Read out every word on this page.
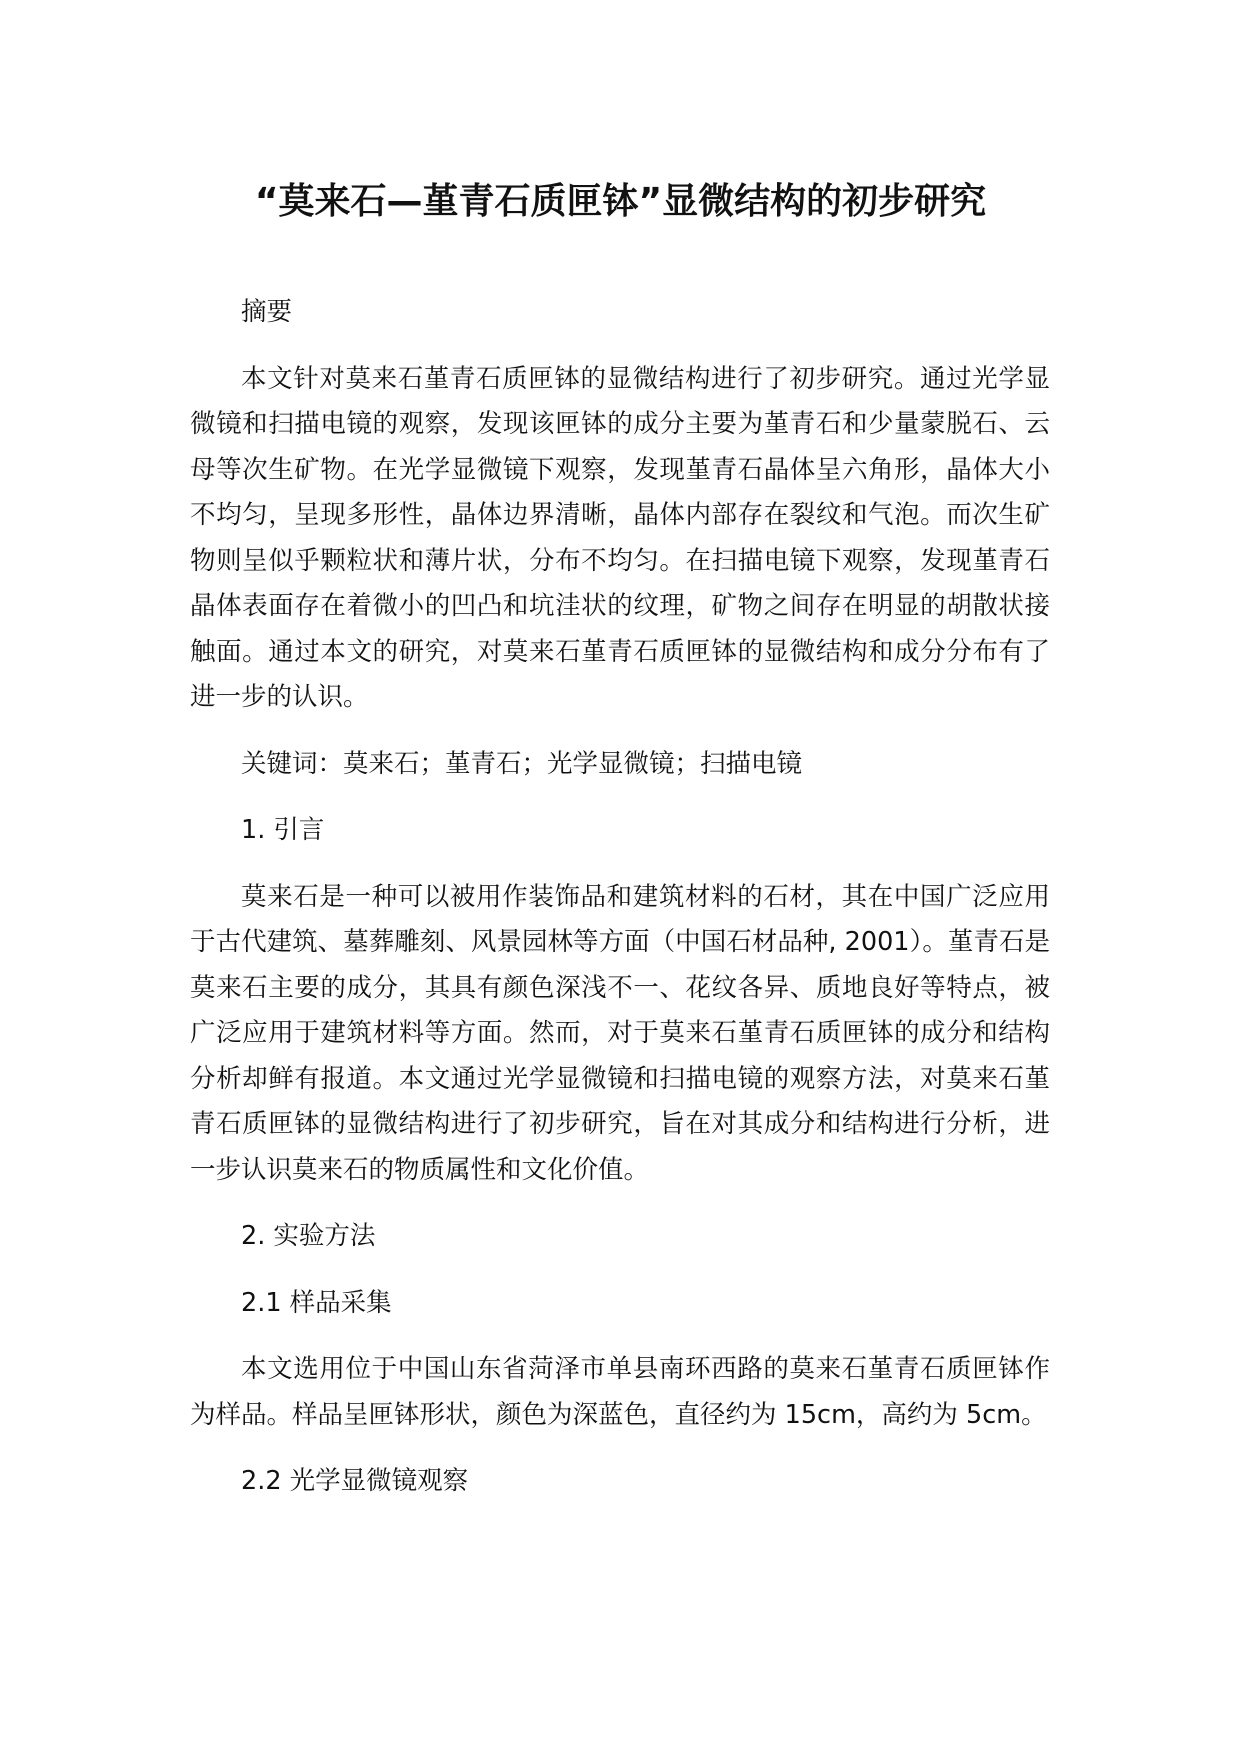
“莫来石—堇青石质匣钵”显微结构的初步研究

摘要

本文针对莫来石堇青石质匣钵的显微结构进行了初步研究。通过光学显微镜和扫描电镜的观察，发现该匣钵的成分主要为堇青石和少量蒙脱石、云母等次生矿物。在光学显微镜下观察，发现堇青石晶体呈六角形，晶体大小不均匀，呈现多形性，晶体边界清晰，晶体内部存在裂纹和气泡。而次生矿物则呈似乎颗粒状和薄片状，分布不均匀。在扫描电镜下观察，发现堇青石晶体表面存在着微小的凹凸和坑洼状的纹理，矿物之间存在明显的胡散状接触面。通过本文的研究，对莫来石堇青石质匣钵的显微结构和成分分布有了进一步的认识。

关键词：莫来石；堇青石；光学显微镜；扫描电镜

1. 引言

莫来石是一种可以被用作装饰品和建筑材料的石材，其在中国广泛应用于古代建筑、墓葬雕刻、风景园林等方面（中国石材品种, 2001）。堇青石是莫来石主要的成分，其具有颜色深浅不一、花纹各异、质地良好等特点，被广泛应用于建筑材料等方面。然而，对于莫来石堇青石质匣钵的成分和结构分析却鲜有报道。本文通过光学显微镜和扫描电镜的观察方法，对莫来石堇青石质匣钵的显微结构进行了初步研究，旨在对其成分和结构进行分析，进一步认识莫来石的物质属性和文化价值。

2. 实验方法

2.1 样品采集

本文选用位于中国山东省菏泽市单县南环西路的莫来石堇青石质匣钵作为样品。样品呈匣钵形状，颜色为深蓝色，直径约为 15cm，高约为 5cm。

2.2 光学显微镜观察
